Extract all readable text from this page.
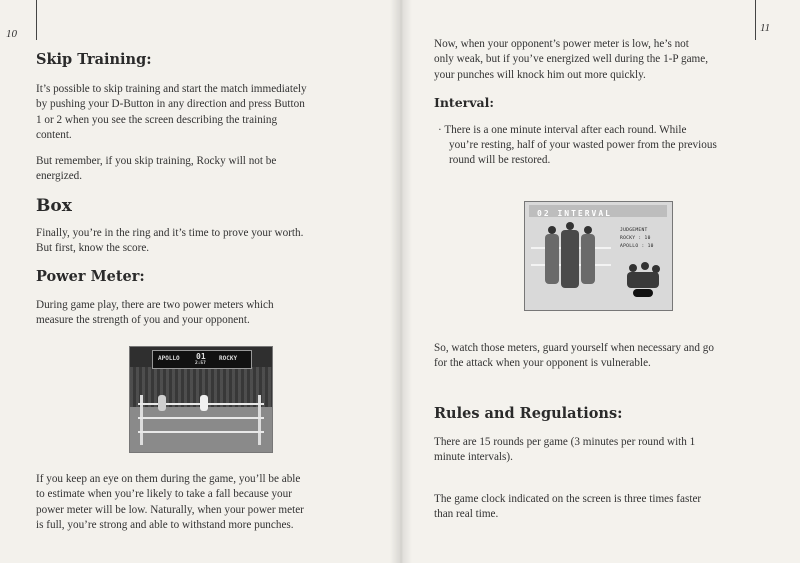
10
Skip Training:
It’s possible to skip training and start the match immediately
by pushing your D-Button in any direction and press Button
1 or 2 when you see the screen describing the training
content.
But remember, if you skip training, Rocky will not be
energized.
Box
Finally, you’re in the ring and it’s time to prove your worth.
But first, know the score.
Power Meter:
During game play, there are two power meters which
measure the strength of you and your opponent.
APOLLO 01
2:57
ROCKY
If you keep an eye on them during the game, you’ll be able
to estimate when you’re likely to take a fall because your
power meter will be low. Naturally, when your power meter
is full, you’re strong and able to withstand more punches.
11
Now, when your opponent’s power meter is low, he’s not
only weak, but if you’ve energized well during the 1-P game,
your punches will knock him out more quickly.
Interval:
· There is a one minute interval after each round. While
you’re resting, half of your wasted power from the previous
round will be restored.
02 INTERVAL
JUDGEMENT
ROCKY : 10
APOLLO : 10
So, watch those meters, guard yourself when necessary and go
for the attack when your opponent is vulnerable.
Rules and Regulations:
There are 15 rounds per game (3 minutes per round with 1
minute intervals).
The game clock indicated on the screen is three times faster
than real time.
